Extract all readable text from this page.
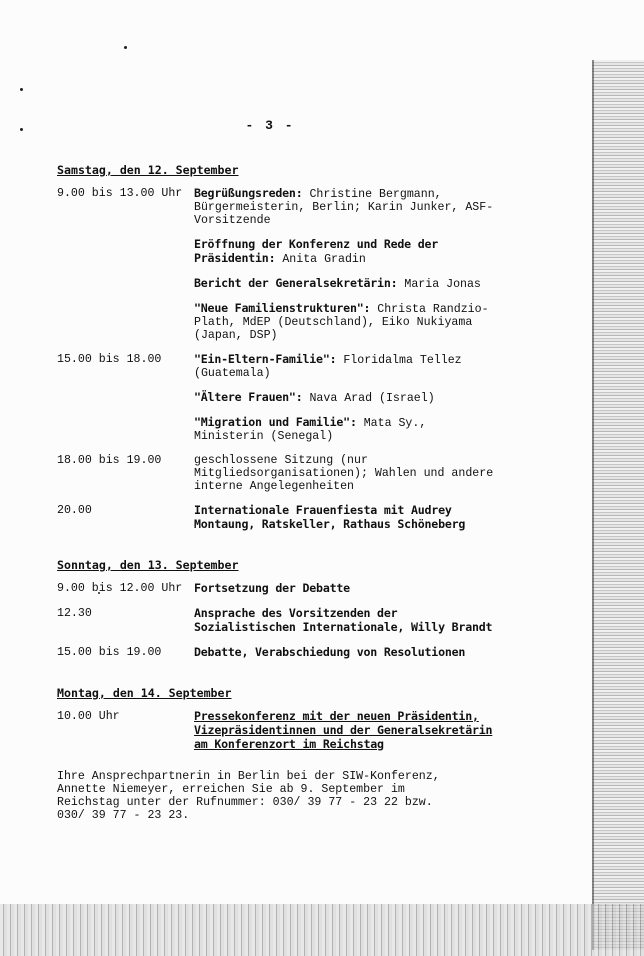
- 3 -
Samstag, den 12. September
9.00 bis 13.00 Uhr	Begrüßungsreden: Christine Bergmann, Bürgermeisterin, Berlin; Karin Junker, ASF-Vorsitzende
Eröffnung der Konferenz und Rede der Präsidentin: Anita Gradin
Bericht der Generalsekretärin: Maria Jonas
"Neue Familienstrukturen": Christa Randzio-Plath, MdEP (Deutschland), Eiko Nukiyama (Japan, DSP)
15.00 bis 18.00	"Ein-Eltern-Familie": Floridalma Tellez (Guatemala)
"Ältere Frauen": Nava Arad (Israel)
"Migration und Familie": Mata Sy., Ministerin (Senegal)
18.00 bis 19.00	geschlossene Sitzung (nur Mitgliedsorganisationen); Wahlen und andere interne Angelegenheiten
20.00	Internationale Frauenfiesta mit Audrey Montaung, Ratskeller, Rathaus Schöneberg
Sonntag, den 13. September
9.00 bis 12.00 Uhr	Fortsetzung der Debatte
12.30	Ansprache des Vorsitzenden der Sozialistischen Internationale, Willy Brandt
15.00 bis 19.00	Debatte, Verabschiedung von Resolutionen
Montag, den 14. September
10.00 Uhr	Pressekonferenz mit der neuen Präsidentin, Vizepräsidentinnen und der Generalsekretärin am Konferenzort im Reichstag
Ihre Ansprechpartnerin in Berlin bei der SIW-Konferenz, Annette Niemeyer, erreichen Sie ab 9. September im Reichstag unter der Rufnummer: 030/ 39 77 - 23 22 bzw. 030/ 39 77 - 23 23.
